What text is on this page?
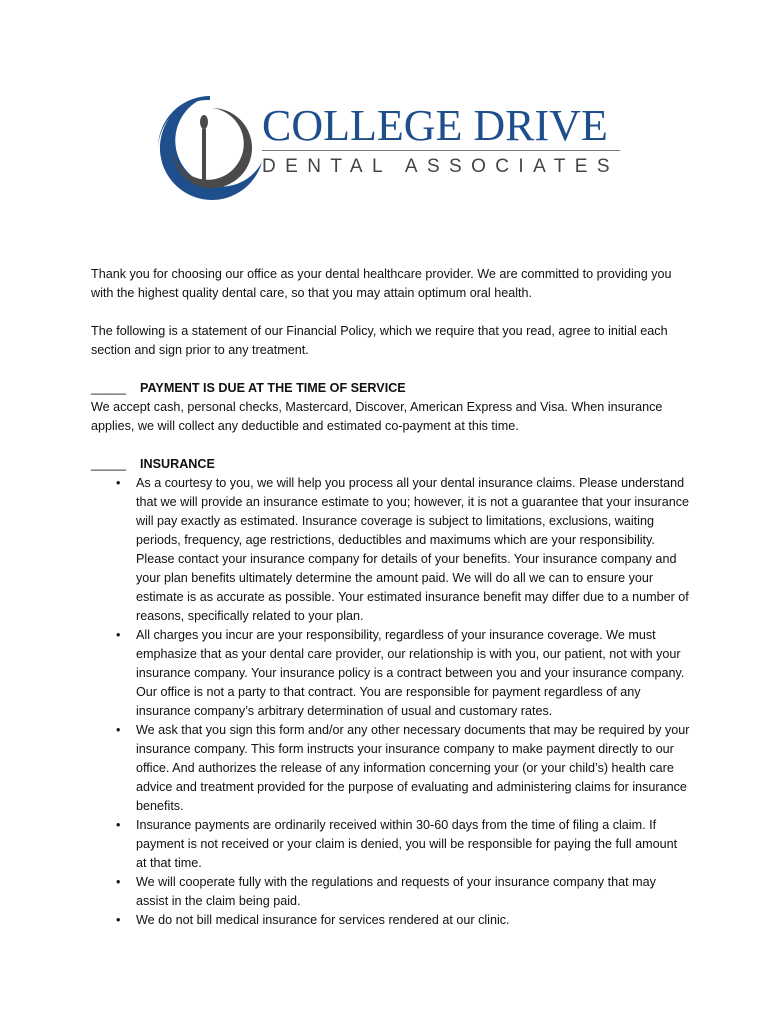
COLLEGE DRIVE
DENTAL ASSOCIATES

Thank you for choosing our office as your dental healthcare provider. We are committed to providing you with the highest quality dental care, so that you may attain optimum oral health.

The following is a statement of our Financial Policy, which we require that you read, agree to initial each section and sign prior to any treatment.

_____ PAYMENT IS DUE AT THE TIME OF SERVICE

We accept cash, personal checks, Mastercard, Discover, American Express and Visa. When insurance applies, we will collect any deductible and estimated co-payment at this time.

_____ INSURANCE
• As a courtesy to you, we will help you process all your dental insurance claims. Please understand that we will provide an insurance estimate to you; however, it is not a guarantee that your insurance will pay exactly as estimated. Insurance coverage is subject to limitations, exclusions, waiting periods, frequency, age restrictions, deductibles and maximums which are your responsibility. Please contact your insurance company for details of your benefits. Your insurance company and your plan benefits ultimately determine the amount paid. We will do all we can to ensure your estimate is as accurate as possible. Your estimated insurance benefit may differ due to a number of reasons, specifically related to your plan.
• All charges you incur are your responsibility, regardless of your insurance coverage. We must emphasize that as your dental care provider, our relationship is with you, our patient, not with your insurance company. Your insurance policy is a contract between you and your insurance company. Our office is not a party to that contract. You are responsible for payment regardless of any insurance company’s arbitrary determination of usual and customary rates.
• We ask that you sign this form and/or any other necessary documents that may be required by your insurance company. This form instructs your insurance company to make payment directly to our office. And authorizes the release of any information concerning your (or your child’s) health care advice and treatment provided for the purpose of evaluating and administering claims for insurance benefits.
• Insurance payments are ordinarily received within 30-60 days from the time of filing a claim. If payment is not received or your claim is denied, you will be responsible for paying the full amount at that time.
• We will cooperate fully with the regulations and requests of your insurance company that may assist in the claim being paid.
• We do not bill medical insurance for services rendered at our clinic.
